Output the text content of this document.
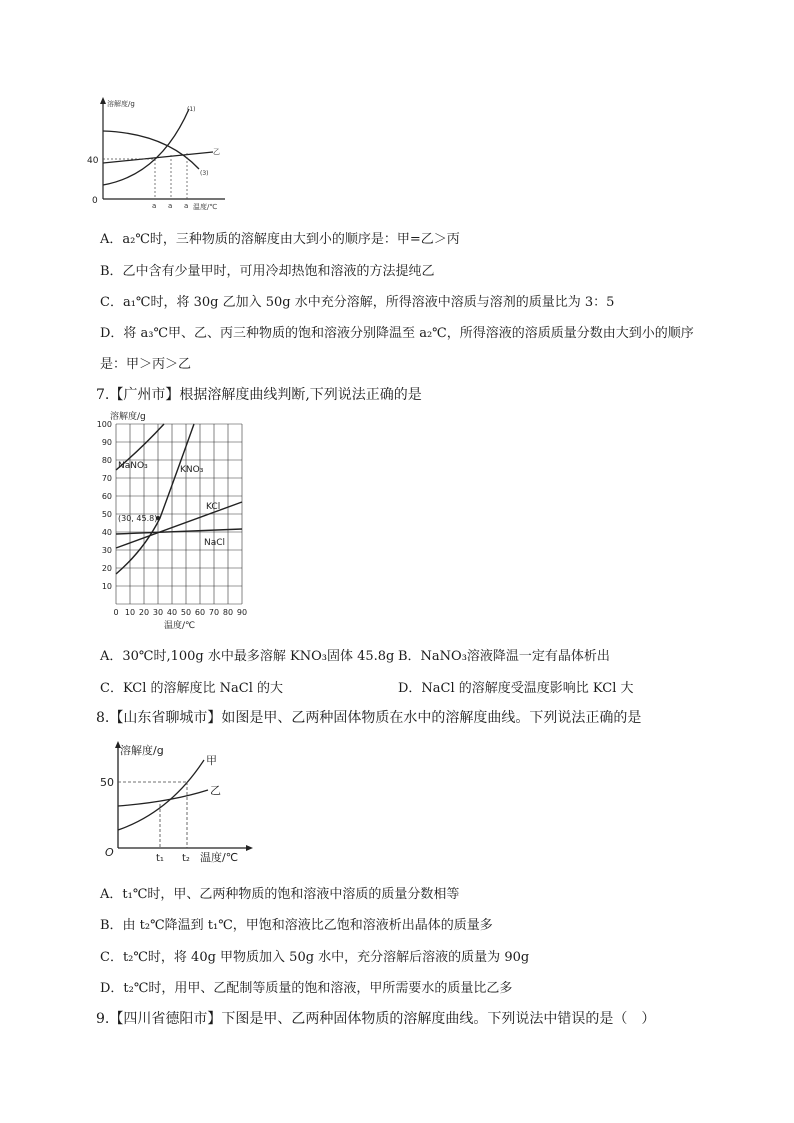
溶解度/g
40
0	a a a 温度/℃
(1)
乙
(3)
A．a₂℃时，三种物质的溶解度由大到小的顺序是：甲=乙＞丙
B．乙中含有少量甲时，可用冷却热饱和溶液的方法提纯乙
C．a₁℃时，将 30g 乙加入 50g 水中充分溶解，所得溶液中溶质与溶剂的质量比为 3：5
D．将 a₃℃甲、乙、丙三种物质的饱和溶液分别降温至 a₂℃，所得溶液的溶质质量分数由大到小的顺序
是：甲＞丙＞乙
7.【广州市】根据溶解度曲线判断,下列说法正确的是
溶解度/g
温度/℃
100
90
80
70
60
50
40
30
20
10
0 10 20 30 40 50 60 70 80 90
NaNO₃	KNO₃
KCl
NaCl
(30, 45.8)
A．30℃时,100g 水中最多溶解 KNO₃固体 45.8g B．NaNO₃溶液降温一定有晶体析出
C．KCl 的溶解度比 NaCl 的大	D．NaCl 的溶解度受温度影响比 KCl 大
8.【山东省聊城市】如图是甲、乙两种固体物质在水中的溶解度曲线。下列说法正确的是
溶解度/g
50
O	t₁ t₂ 温度/℃
甲
乙
A．t₁℃时，甲、乙两种物质的饱和溶液中溶质的质量分数相等
B．由 t₂℃降温到 t₁℃，甲饱和溶液比乙饱和溶液析出晶体的质量多
C．t₂℃时，将 40g 甲物质加入 50g 水中，充分溶解后溶液的质量为 90g
D．t₂℃时，用甲、乙配制等质量的饱和溶液，甲所需要水的质量比乙多
9.【四川省德阳市】下图是甲、乙两种固体物质的溶解度曲线。下列说法中错误的是（　）
